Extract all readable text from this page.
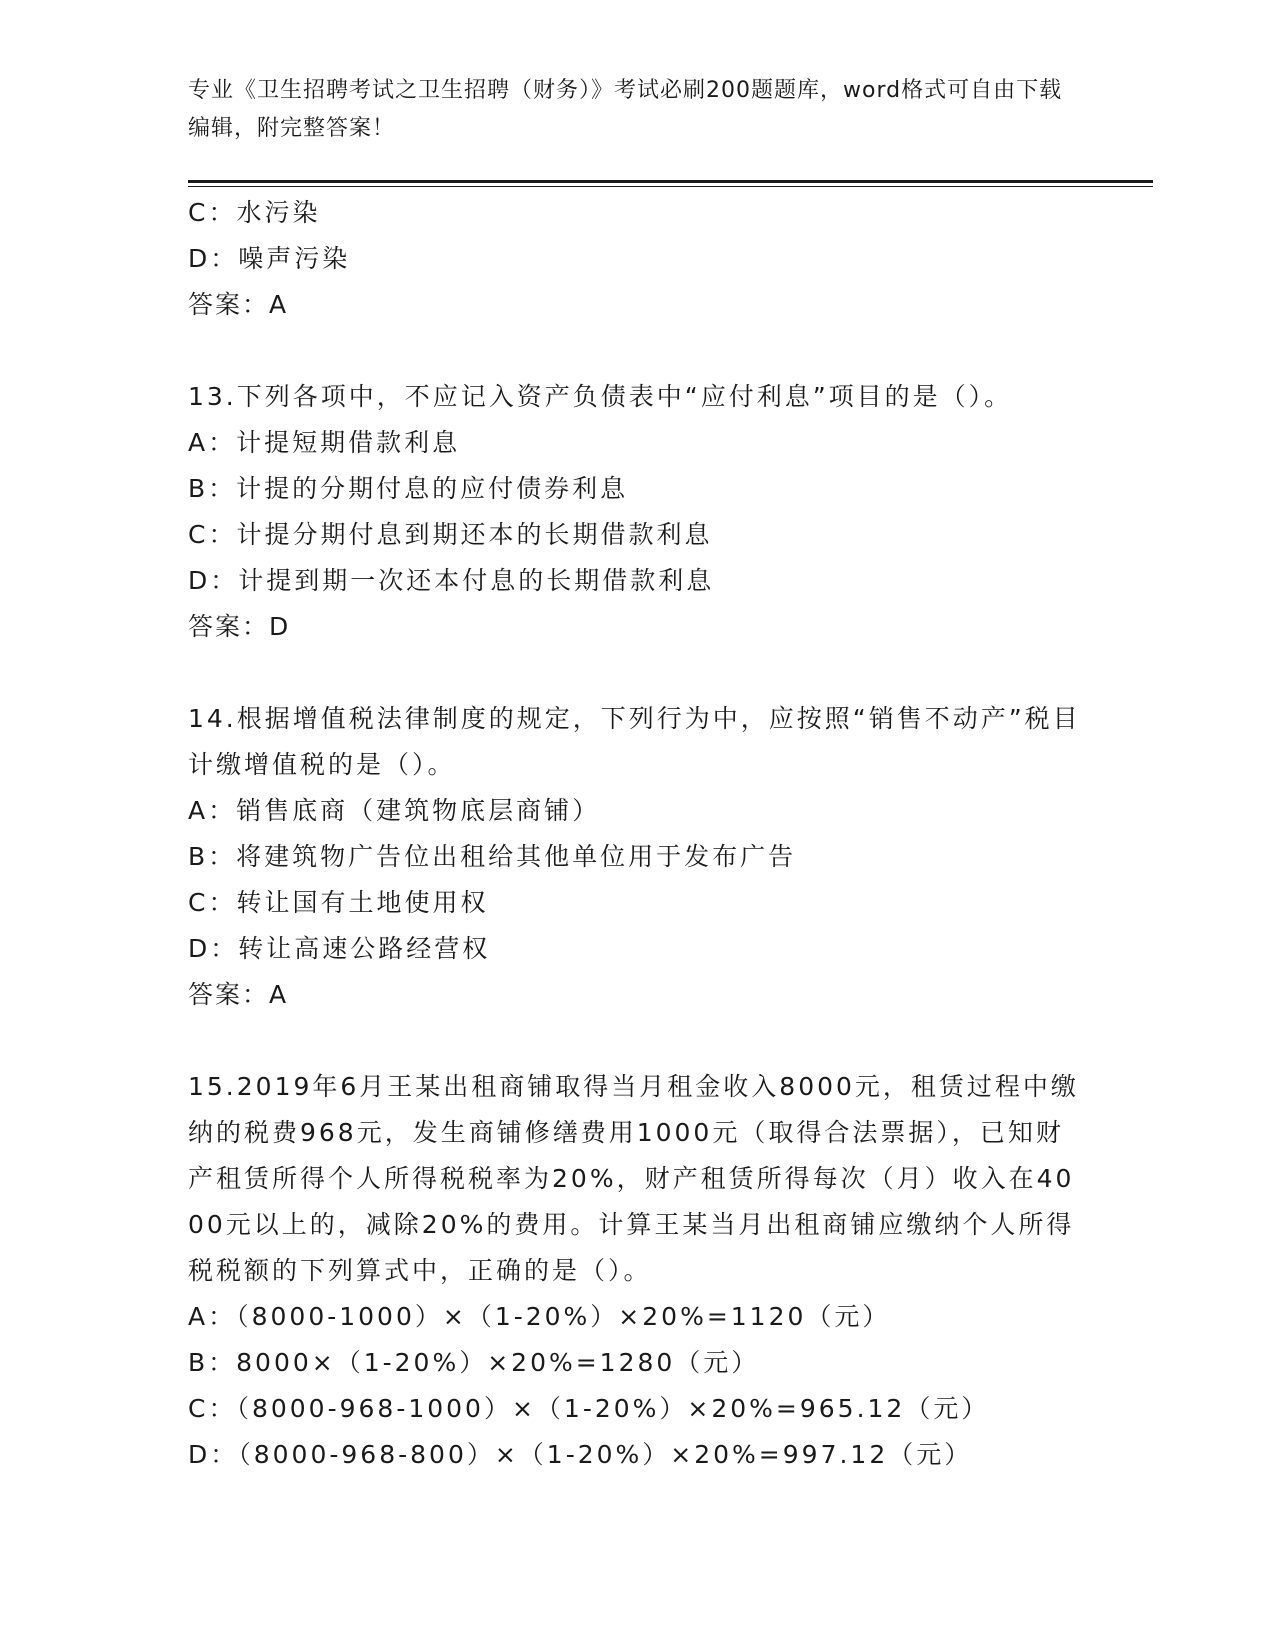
专业《卫生招聘考试之卫生招聘（财务）》考试必刷200题题库，word格式可自由下载编辑，附完整答案！
C：水污染
D：噪声污染
答案：A
13.下列各项中，不应记入资产负债表中“应付利息”项目的是（）。
A：计提短期借款利息
B：计提的分期付息的应付债券利息
C：计提分期付息到期还本的长期借款利息
D：计提到期一次还本付息的长期借款利息
答案：D
14.根据增值税法律制度的规定，下列行为中，应按照“销售不动产”税目计缴增值税的是（）。
A：销售底商（建筑物底层商铺）
B：将建筑物广告位出租给其他单位用于发布广告
C：转让国有土地使用权
D：转让高速公路经营权
答案：A
15.2019年6月王某出租商铺取得当月租金收入8000元，租赁过程中缴纳的税费968元，发生商铺修缮费用1000元（取得合法票据），已知财产租赁所得个人所得税税率为20%，财产租赁所得每次（月）收入在4000元以上的，减除20%的费用。计算王某当月出租商铺应缴纳个人所得税税额的下列算式中，正确的是（）。
A：（8000-1000）×（1-20%）×20%=1120（元）
B：8000×（1-20%）×20%=1280（元）
C：（8000-968-1000）×（1-20%）×20%=965.12（元）
D：（8000-968-800）×（1-20%）×20%=997.12（元）
